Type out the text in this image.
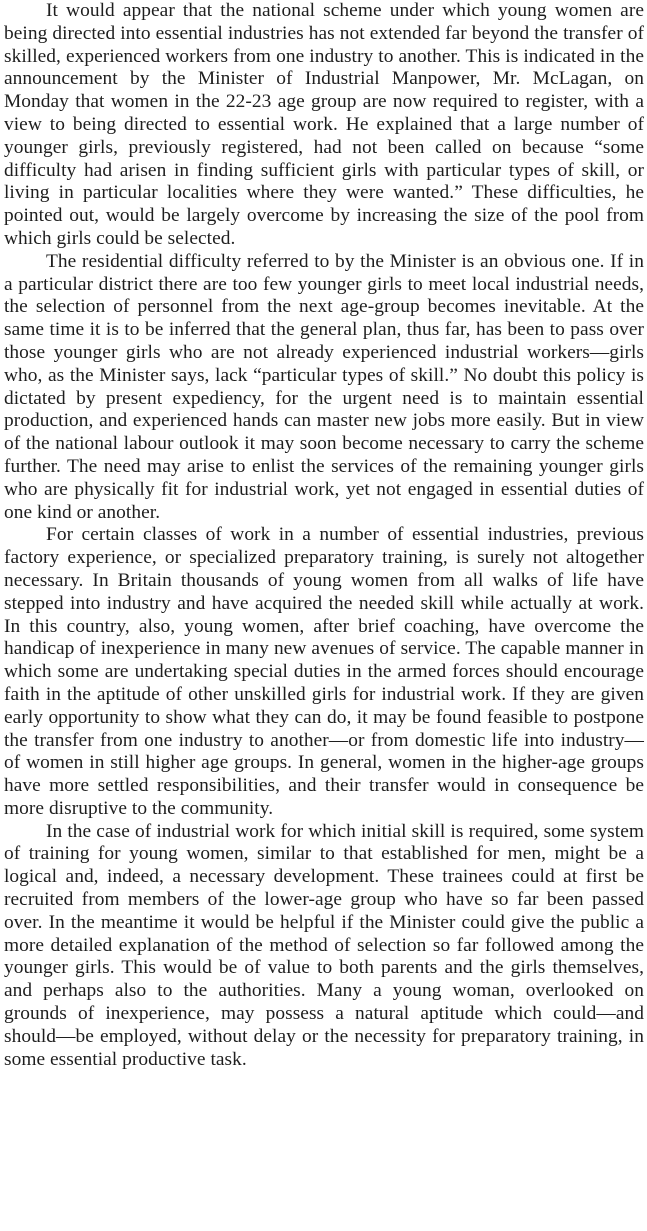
It would appear that the national scheme under which young women are being directed into essential industries has not extended far beyond the transfer of skilled, experienced workers from one industry to another. This is indicated in the announcement by the Minister of Industrial Manpower, Mr. McLagan, on Monday that women in the 22-23 age group are now required to register, with a view to being directed to essential work. He explained that a large number of younger girls, previously registered, had not been called on because “some difficulty had arisen in finding sufficient girls with particular types of skill, or living in particular localities where they were wanted.” These difficulties, he pointed out, would be largely overcome by increasing the size of the pool from which girls could be selected.

The residential difficulty referred to by the Minister is an obvious one. If in a particular district there are too few younger girls to meet local industrial needs, the selection of personnel from the next age-group becomes inevitable. At the same time it is to be inferred that the general plan, thus far, has been to pass over those younger girls who are not already experienced industrial workers—girls who, as the Minister says, lack “particular types of skill.” No doubt this policy is dictated by present expediency, for the urgent need is to maintain essential production, and experienced hands can master new jobs more easily. But in view of the national labour outlook it may soon become necessary to carry the scheme further. The need may arise to enlist the services of the remaining younger girls who are physically fit for industrial work, yet not engaged in essential duties of one kind or another.

For certain classes of work in a number of essential industries, previous factory experience, or specialized preparatory training, is surely not altogether necessary. In Britain thousands of young women from all walks of life have stepped into industry and have acquired the needed skill while actually at work. In this country, also, young women, after brief coaching, have overcome the handicap of inexperience in many new avenues of service. The capable manner in which some are undertaking special duties in the armed forces should encourage faith in the aptitude of other unskilled girls for industrial work. If they are given early opportunity to show what they can do, it may be found feasible to postpone the transfer from one industry to another—or from domestic life into industry—of women in still higher age groups. In general, women in the higher-age groups have more settled responsibilities, and their transfer would in consequence be more disruptive to the community.

In the case of industrial work for which initial skill is required, some system of training for young women, similar to that established for men, might be a logical and, indeed, a necessary development. These trainees could at first be recruited from members of the lower-age group who have so far been passed over. In the meantime it would be helpful if the Minister could give the public a more detailed explanation of the method of selection so far followed among the younger girls. This would be of value to both parents and the girls themselves, and perhaps also to the authorities. Many a young woman, overlooked on grounds of inexperience, may possess a natural aptitude which could—and should—be employed, without delay or the necessity for preparatory training, in some essential productive task.
